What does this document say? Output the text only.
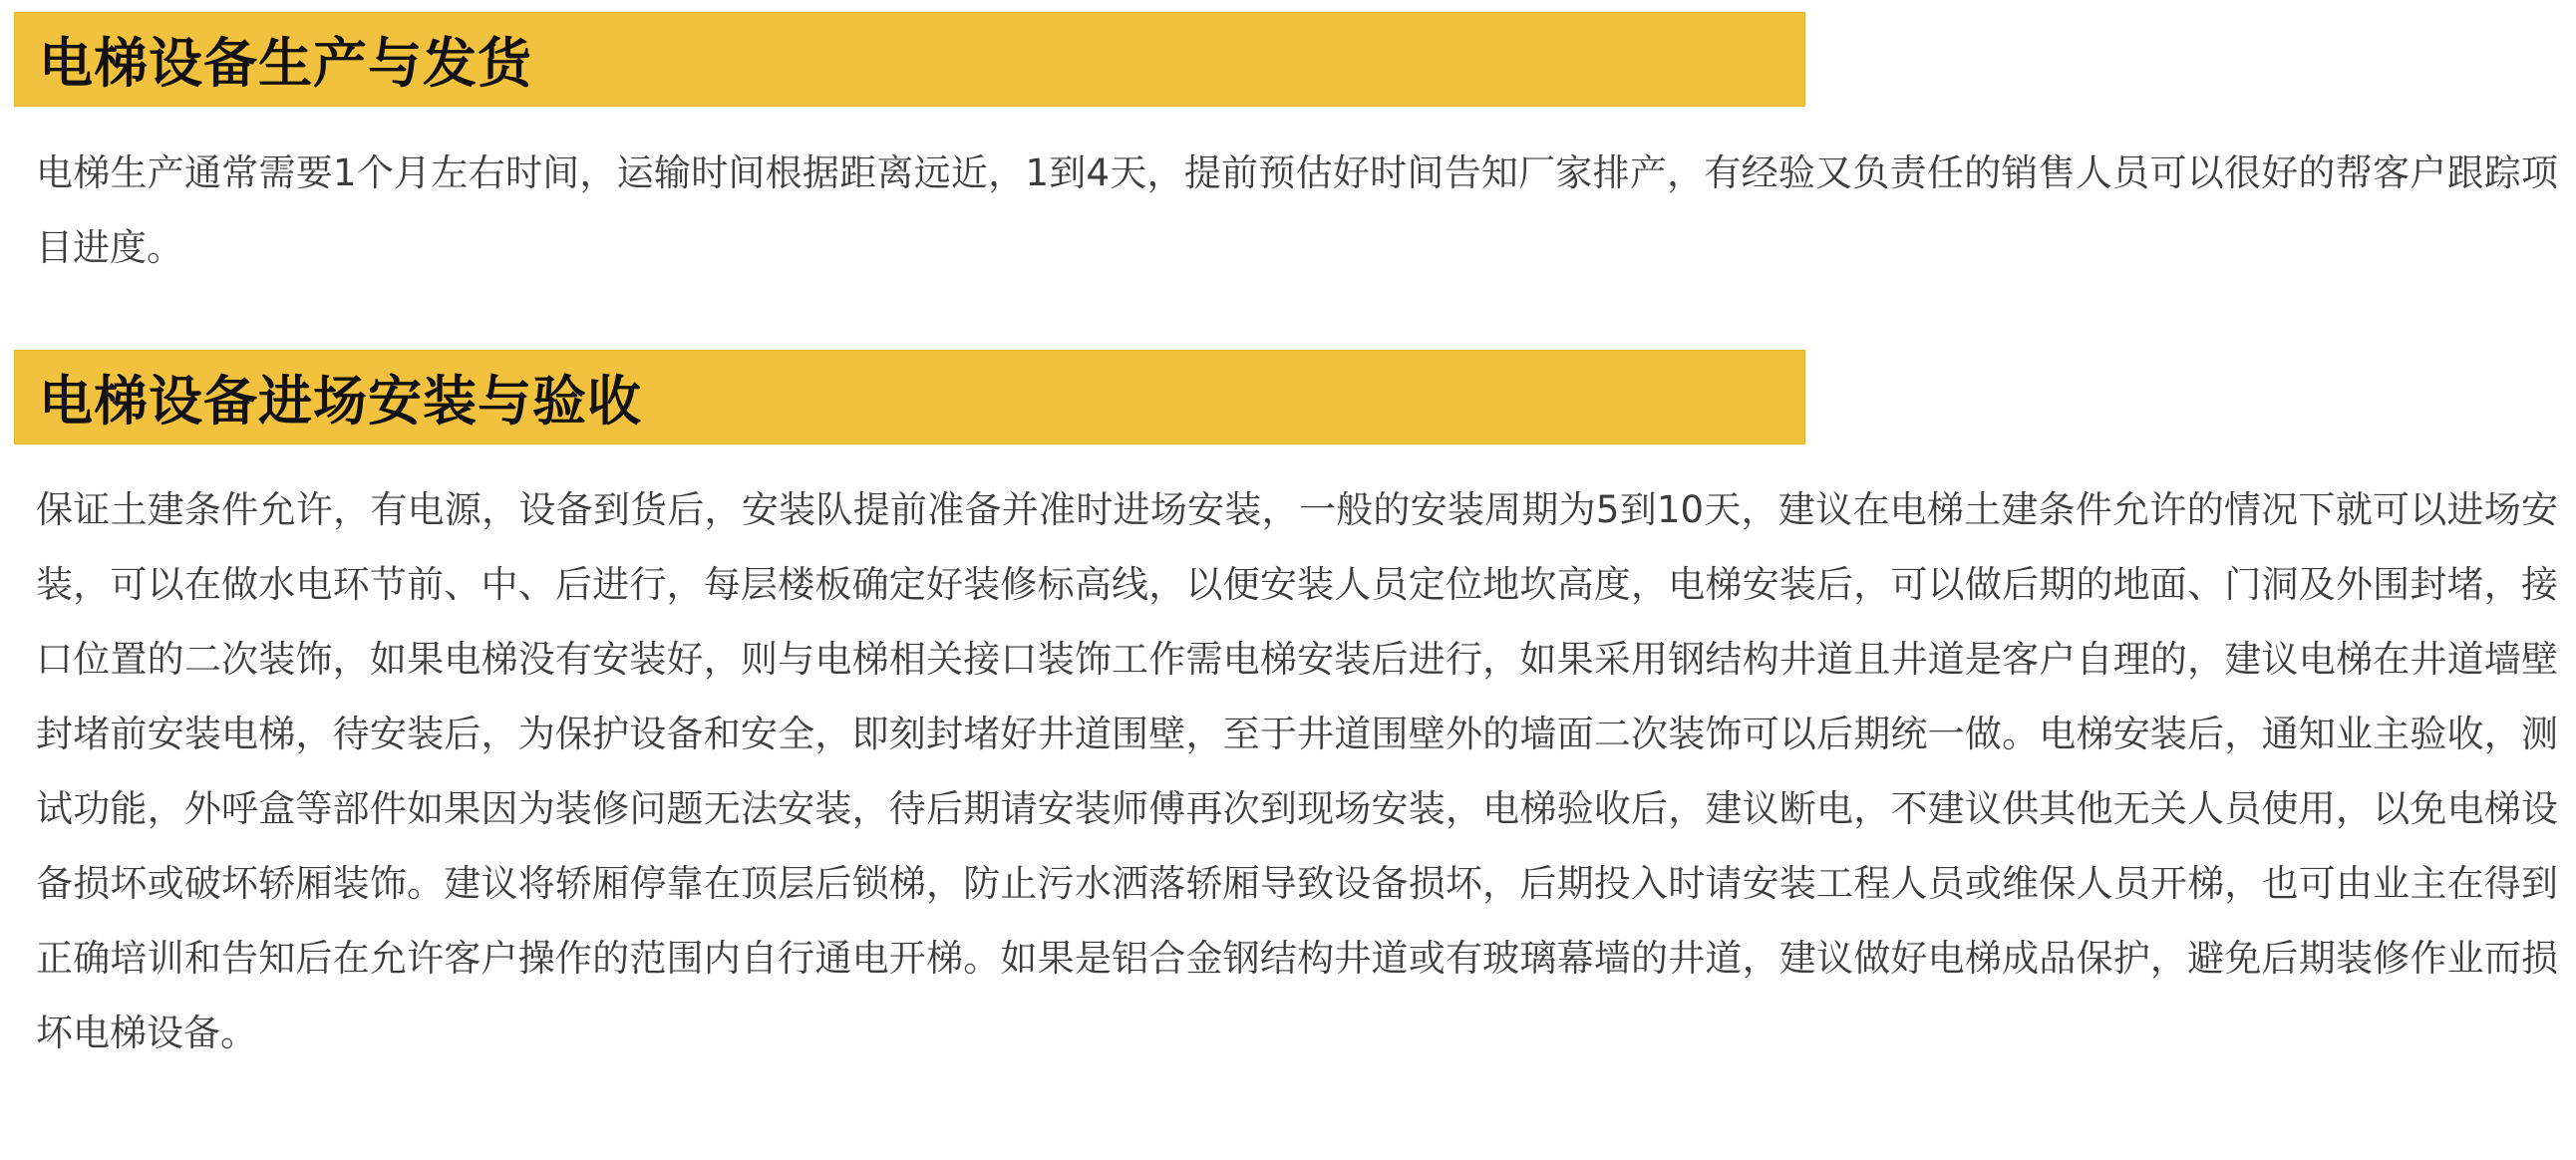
电梯设备生产与发货

电梯生产通常需要1个月左右时间，运输时间根据距离远近，1到4天，提前预估好时间告知厂家排产，有经验又负责任的销售人员可以很好的帮客户跟踪项目进度。

电梯设备进场安装与验收

保证土建条件允许，有电源，设备到货后，安装队提前准备并准时进场安装，一般的安装周期为5到10天，建议在电梯土建条件允许的情况下就可以进场安装，可以在做水电环节前、中、后进行，每层楼板确定好装修标高线，以便安装人员定位地坎高度，电梯安装后，可以做后期的地面、门洞及外围封堵，接口位置的二次装饰，如果电梯没有安装好，则与电梯相关接口装饰工作需电梯安装后进行，如果采用钢结构井道且井道是客户自理的，建议电梯在井道墙壁封堵前安装电梯，待安装后，为保护设备和安全，即刻封堵好井道围壁，至于井道围壁外的墙面二次装饰可以后期统一做。电梯安装后，通知业主验收，测试功能，外呼盒等部件如果因为装修问题无法安装，待后期请安装师傅再次到现场安装，电梯验收后，建议断电，不建议供其他无关人员使用，以免电梯设备损坏或破坏轿厢装饰。建议将轿厢停靠在顶层后锁梯，防止污水洒落轿厢导致设备损坏，后期投入时请安装工程人员或维保人员开梯，也可由业主在得到正确培训和告知后在允许客户操作的范围内自行通电开梯。如果是铝合金钢结构井道或有玻璃幕墙的井道，建议做好电梯成品保护，避免后期装修作业而损坏电梯设备。
